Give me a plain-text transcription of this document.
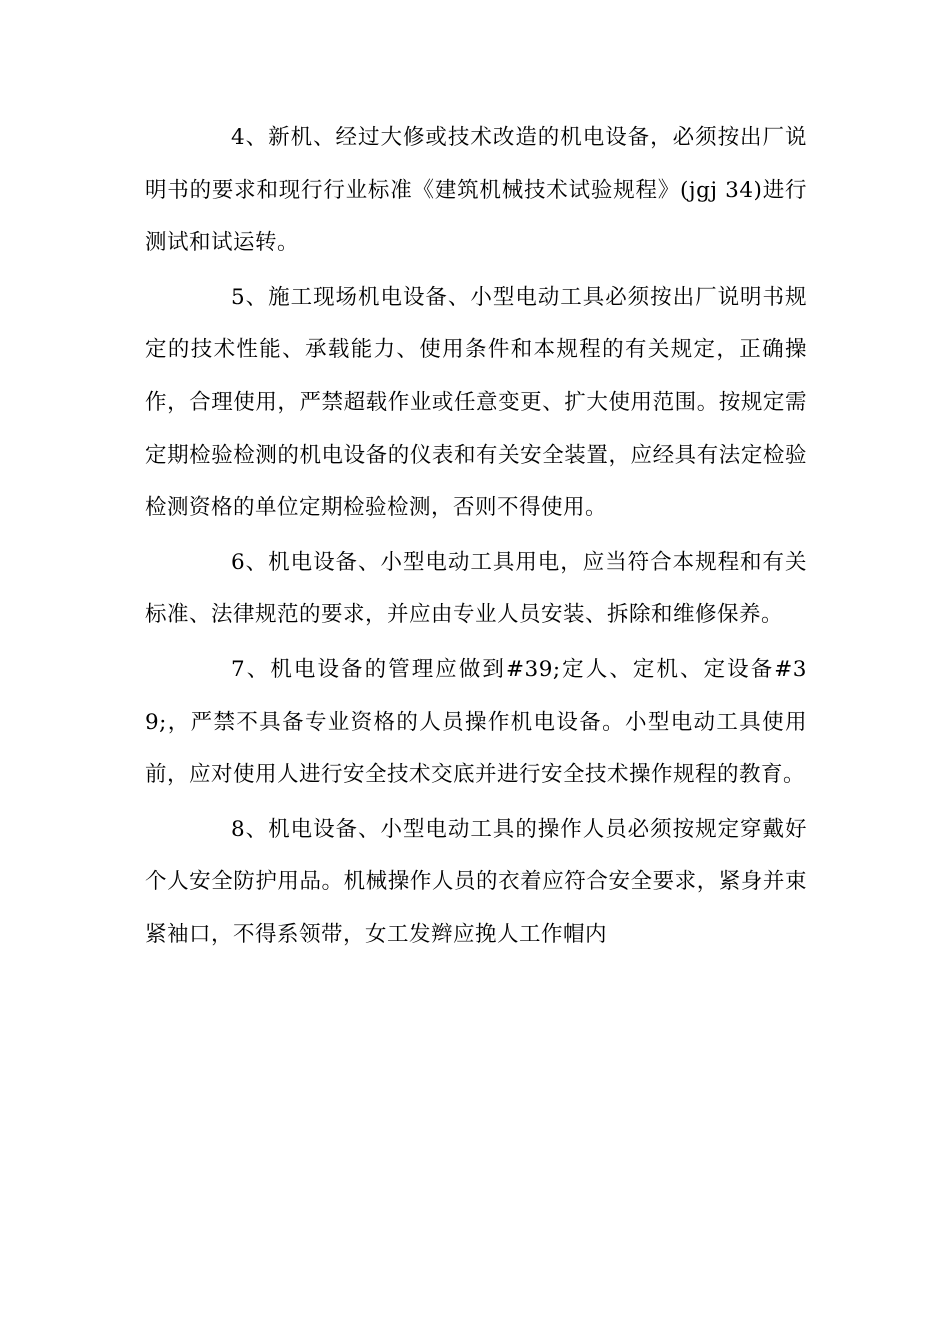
4、新机、经过大修或技术改造的机电设备，必须按出厂说明书的要求和现行行业标准《建筑机械技术试验规程》(jgj 34)进行测试和试运转。

5、施工现场机电设备、小型电动工具必须按出厂说明书规定的技术性能、承载能力、使用条件和本规程的有关规定，正确操作，合理使用，严禁超载作业或任意变更、扩大使用范围。按规定需定期检验检测的机电设备的仪表和有关安全装置，应经具有法定检验检测资格的单位定期检验检测，否则不得使用。

6、机电设备、小型电动工具用电，应当符合本规程和有关标准、法律规范的要求，并应由专业人员安装、拆除和维修保养。

7、机电设备的管理应做到#39;定人、定机、定设备#39;，严禁不具备专业资格的人员操作机电设备。小型电动工具使用前，应对使用人进行安全技术交底并进行安全技术操作规程的教育。

8、机电设备、小型电动工具的操作人员必须按规定穿戴好个人安全防护用品。机械操作人员的衣着应符合安全要求，紧身并束紧袖口，不得系领带，女工发辫应挽人工作帽内
